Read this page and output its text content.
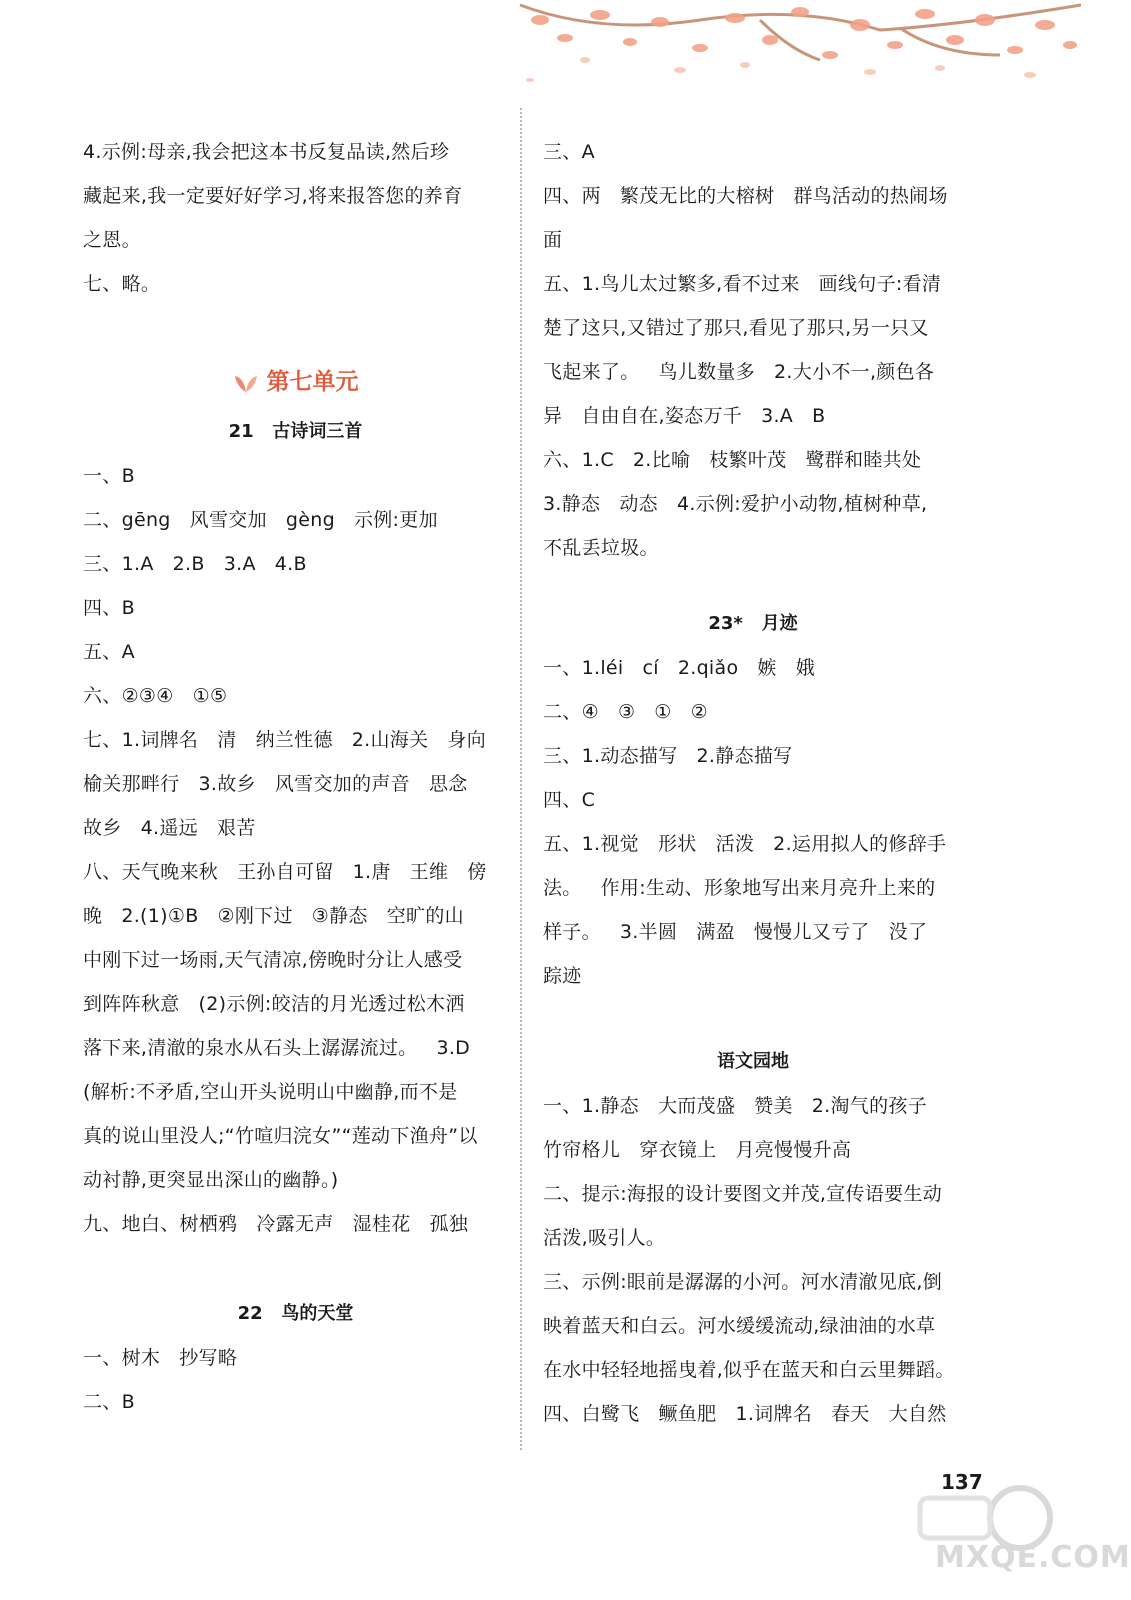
4.示例:母亲,我会把这本书反复品读,然后珍
藏起来,我一定要好好学习,将来报答您的养育
之恩。
七、略。
第七单元
21   古诗词三首
一、B
二、gēng   风雪交加   gèng   示例:更加
三、1.A   2.B   3.A   4.B
四、B
五、A
六、②③④   ①⑤
七、1.词牌名   清   纳兰性德   2.山海关   身向
榆关那畔行   3.故乡   风雪交加的声音   思念
故乡   4.遥远   艰苦
八、天气晚来秋   王孙自可留   1.唐   王维   傍
晚   2.(1)①B   ②刚下过   ③静态   空旷的山
中刚下过一场雨,天气清凉,傍晚时分让人感受
到阵阵秋意   (2)示例:皎洁的月光透过松木洒
落下来,清澈的泉水从石头上潺潺流过。   3.D
(解析:不矛盾,空山开头说明山中幽静,而不是
真的说山里没人;“竹喧归浣女”“莲动下渔舟”以
动衬静,更突显出深山的幽静。)
九、地白、树栖鸦   冷露无声   湿桂花   孤独
22   鸟的天堂
一、树木   抄写略
二、B
三、A
四、两   繁茂无比的大榕树   群鸟活动的热闹场
面
五、1.鸟儿太过繁多,看不过来   画线句子:看清
楚了这只,又错过了那只,看见了那只,另一只又
飞起来了。   鸟儿数量多   2.大小不一,颜色各
异   自由自在,姿态万千   3.A   B
六、1.C   2.比喻   枝繁叶茂   鹭群和睦共处
3.静态   动态   4.示例:爱护小动物,植树种草,
不乱丢垃圾。
23*   月迹
一、1.léi   cí   2.qiǎo   嫉   娥
二、④   ③   ①   ②
三、1.动态描写   2.静态描写
四、C
五、1.视觉   形状   活泼   2.运用拟人的修辞手
法。   作用:生动、形象地写出来月亮升上来的
样子。   3.半圆   满盈   慢慢儿又亏了   没了
踪迹
语文园地
一、1.静态   大而茂盛   赞美   2.淘气的孩子
竹帘格儿   穿衣镜上   月亮慢慢升高
二、提示:海报的设计要图文并茂,宣传语要生动
活泼,吸引人。
三、示例:眼前是潺潺的小河。河水清澈见底,倒
映着蓝天和白云。河水缓缓流动,绿油油的水草
在水中轻轻地摇曳着,似乎在蓝天和白云里舞蹈。
四、白鹭飞   鳜鱼肥   1.词牌名   春天   大自然
MXQE.COM
137
